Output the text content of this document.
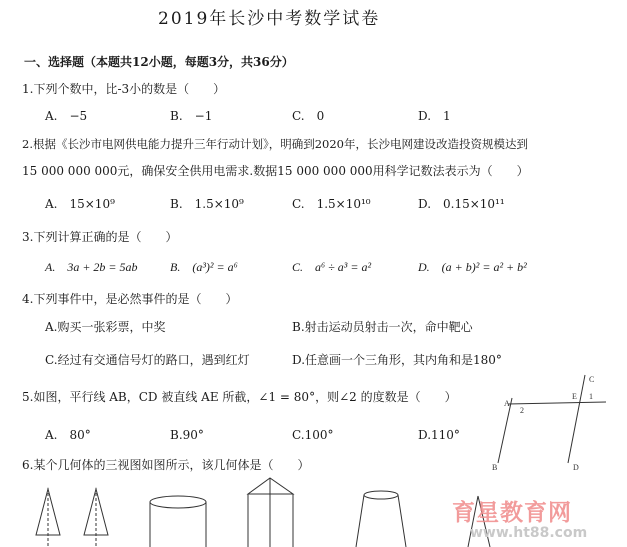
2019年长沙中考数学试卷
一、选择题（本题共12小题，每题3分，共36分）
1.下列个数中，比-3小的数是（　　）
A.　−5	B.　−1	C.　0	D.　1
2.根据《长沙市电网供电能力提升三年行动计划》，明确到2020年，长沙电网建设改造投资规模达到
15 000 000 000元，确保安全供用电需求.数据15 000 000 000用科学记数法表示为（　　）
A.　15×10⁹	B.　1.5×10⁹	C.　1.5×10¹⁰	D.　0.15×10¹¹
3.下列计算正确的是（　　）
A.　3a + 2b = 5ab	B.　(a³)² = a⁶	C.　a⁶ ÷ a³ = a²	D.　(a + b)² = a² + b²
4.下列事件中，是必然事件的是（　　）
A.购买一张彩票，中奖	B.射击运动员射击一次，命中靶心
C.经过有交通信号灯的路口，遇到红灯	D.任意画一个三角形，其内角和是180°
5.如图，平行线 AB，CD 被直线 AE 所截，∠1 = 80°，则∠2 的度数是（　　）
A.　80°	B.90°	C.100°	D.110°
6.某个几何体的三视图如图所示，该几何体是（　　）
A
2
E 1
C
B	D
育星教育网
www.ht88.com
